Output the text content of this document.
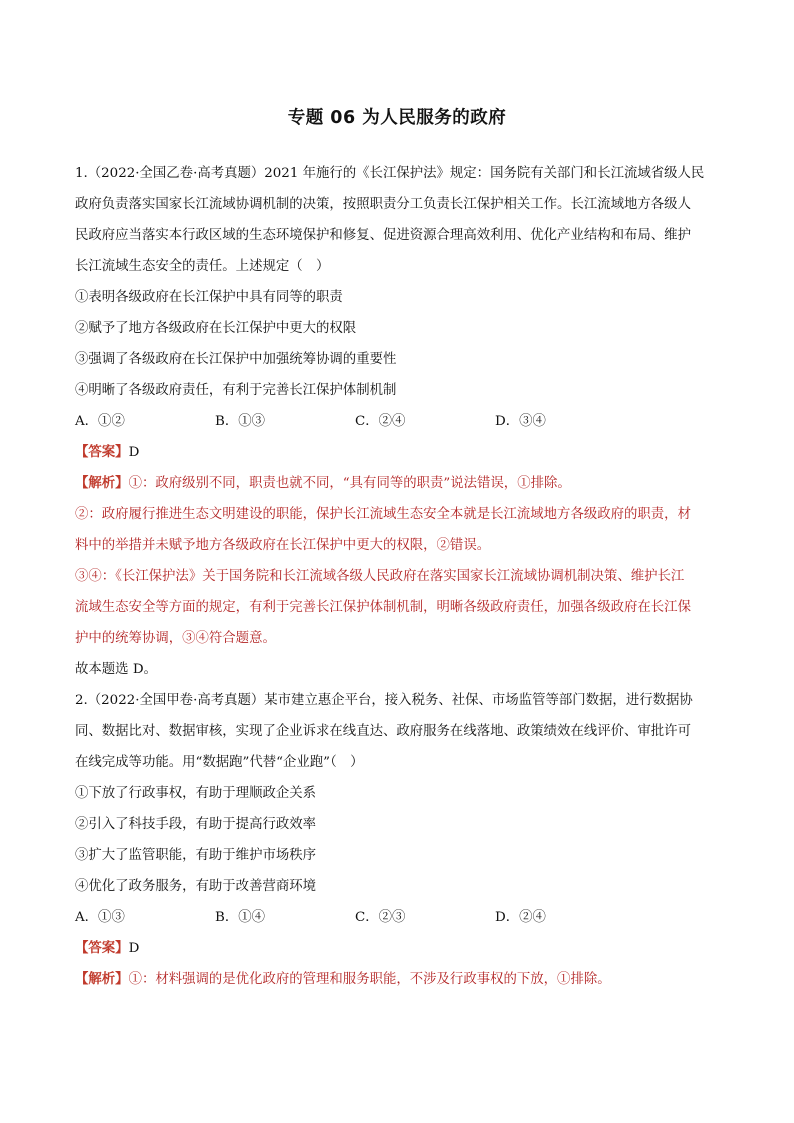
专题 06 为人民服务的政府
1.（2022·全国乙卷·高考真题）2021 年施行的《长江保护法》规定：国务院有关部门和长江流域省级人民
政府负责落实国家长江流域协调机制的决策，按照职责分工负责长江保护相关工作。长江流域地方各级人
民政府应当落实本行政区域的生态环境保护和修复、促进资源合理高效利用、优化产业结构和布局、维护
长江流域生态安全的责任。上述规定（　）
①表明各级政府在长江保护中具有同等的职责
②赋予了地方各级政府在长江保护中更大的权限
③强调了各级政府在长江保护中加强统筹协调的重要性
④明晰了各级政府责任，有利于完善长江保护体制机制
A．①②	B．①③	C．②④	D．③④
【答案】D
【解析】①：政府级别不同，职责也就不同，“具有同等的职责”说法错误，①排除。
②：政府履行推进生态文明建设的职能，保护长江流域生态安全本就是长江流域地方各级政府的职责，材
料中的举措并未赋予地方各级政府在长江保护中更大的权限，②错误。
③④：《长江保护法》关于国务院和长江流域各级人民政府在落实国家长江流域协调机制决策、维护长江
流域生态安全等方面的规定，有利于完善长江保护体制机制，明晰各级政府责任，加强各级政府在长江保
护中的统筹协调，③④符合题意。
故本题选 D。
2.（2022·全国甲卷·高考真题）某市建立惠企平台，接入税务、社保、市场监管等部门数据，进行数据协
同、数据比对、数据审核，实现了企业诉求在线直达、政府服务在线落地、政策绩效在线评价、审批许可
在线完成等功能。用“数据跑”代替“企业跑”（　）
①下放了行政事权，有助于理顺政企关系
②引入了科技手段，有助于提高行政效率
③扩大了监管职能，有助于维护市场秩序
④优化了政务服务，有助于改善营商环境
A．①③	B．①④	C．②③	D．②④
【答案】D
【解析】①：材料强调的是优化政府的管理和服务职能，不涉及行政事权的下放，①排除。
